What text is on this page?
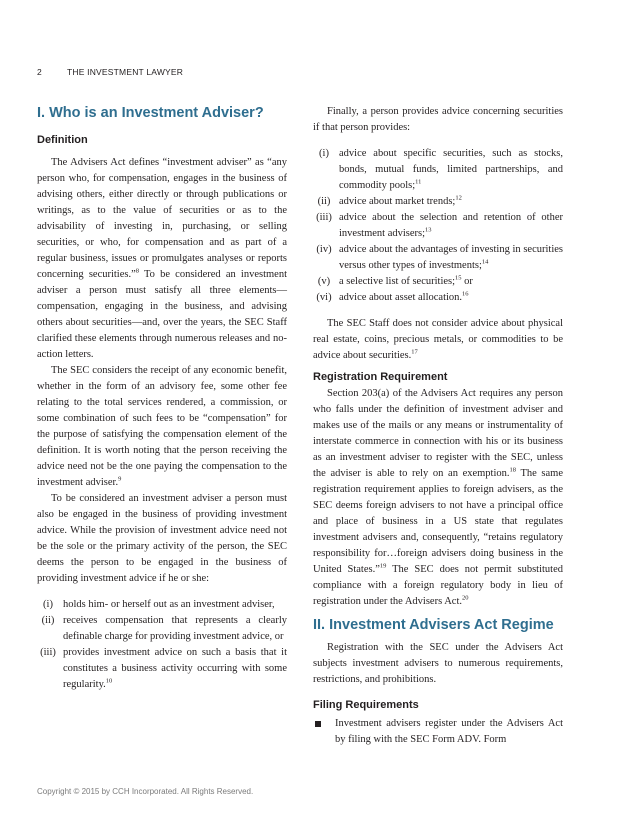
2	THE INVESTMENT LAWYER
I. Who is an Investment Adviser?
Definition

The Advisers Act defines “investment adviser” as “any person who, for compensation, engages in the business of advising others, either directly or through publications or writings, as to the value of securities or as to the advisability of investing in, purchasing, or selling securities, or who, for compensation and as part of a regular business, issues or promulgates analyses or reports concerning securities.”$^8$ To be considered an investment adviser a person must satisfy all three elements—compensation, engaging in the business, and advising others about securities—and, over the years, the SEC Staff clarified these elements through numerous releases and no-action letters.

The SEC considers the receipt of any economic benefit, whether in the form of an advisory fee, some other fee relating to the total services rendered, a commission, or some combination of such fees to be “compensation” for the purpose of satisfying the compensation element of the definition. It is worth noting that the person receiving the advice need not be the one paying the compensation to the investment adviser.$^9$

To be considered an investment adviser a person must also be engaged in the business of providing investment advice. While the provision of investment advice need not be the sole or the primary activity of the person, the SEC deems the person to be engaged in the business of providing investment advice if he or she:

(i) holds him- or herself out as an investment adviser,
(ii) receives compensation that represents a clearly definable charge for providing investment advice, or
(iii) provides investment advice on such a basis that it constitutes a business activity occurring with some regularity.$^{10}$

Finally, a person provides advice concerning securities if that person provides:

(i) advice about specific securities, such as stocks, bonds, mutual funds, limited partnerships, and commodity pools;$^{11}$
(ii) advice about market trends;$^{12}$
(iii) advice about the selection and retention of other investment advisers;$^{13}$
(iv) advice about the advantages of investing in securities versus other types of investments;$^{14}$
(v) a selective list of securities;$^{15}$ or
(vi) advice about asset allocation.$^{16}$

The SEC Staff does not consider advice about physical real estate, coins, precious metals, or commodities to be advice about securities.$^{17}$

Registration Requirement

Section 203(a) of the Advisers Act requires any person who falls under the definition of investment adviser and makes use of the mails or any means or instrumentality of interstate commerce in connection with his or its business as an investment adviser to register with the SEC, unless the adviser is able to rely on an exemption.$^{18}$ The same registration requirement applies to foreign advisers, as the SEC deems foreign advisers to not have a principal office and place of business in a US state that regulates investment advisers and, consequently, “retains regulatory responsibility for…foreign advisers doing business in the United States.”$^{19}$ The SEC does not permit substituted compliance with a foreign regulatory body in lieu of registration under the Advisers Act.$^{20}$

II. Investment Advisers Act Regime

Registration with the SEC under the Advisers Act subjects investment advisers to numerous requirements, restrictions, and prohibitions.

Filing Requirements
Investment advisers register under the Advisers Act by filing with the SEC Form ADV. Form
Copyright © 2015 by CCH Incorporated. All Rights Reserved.
